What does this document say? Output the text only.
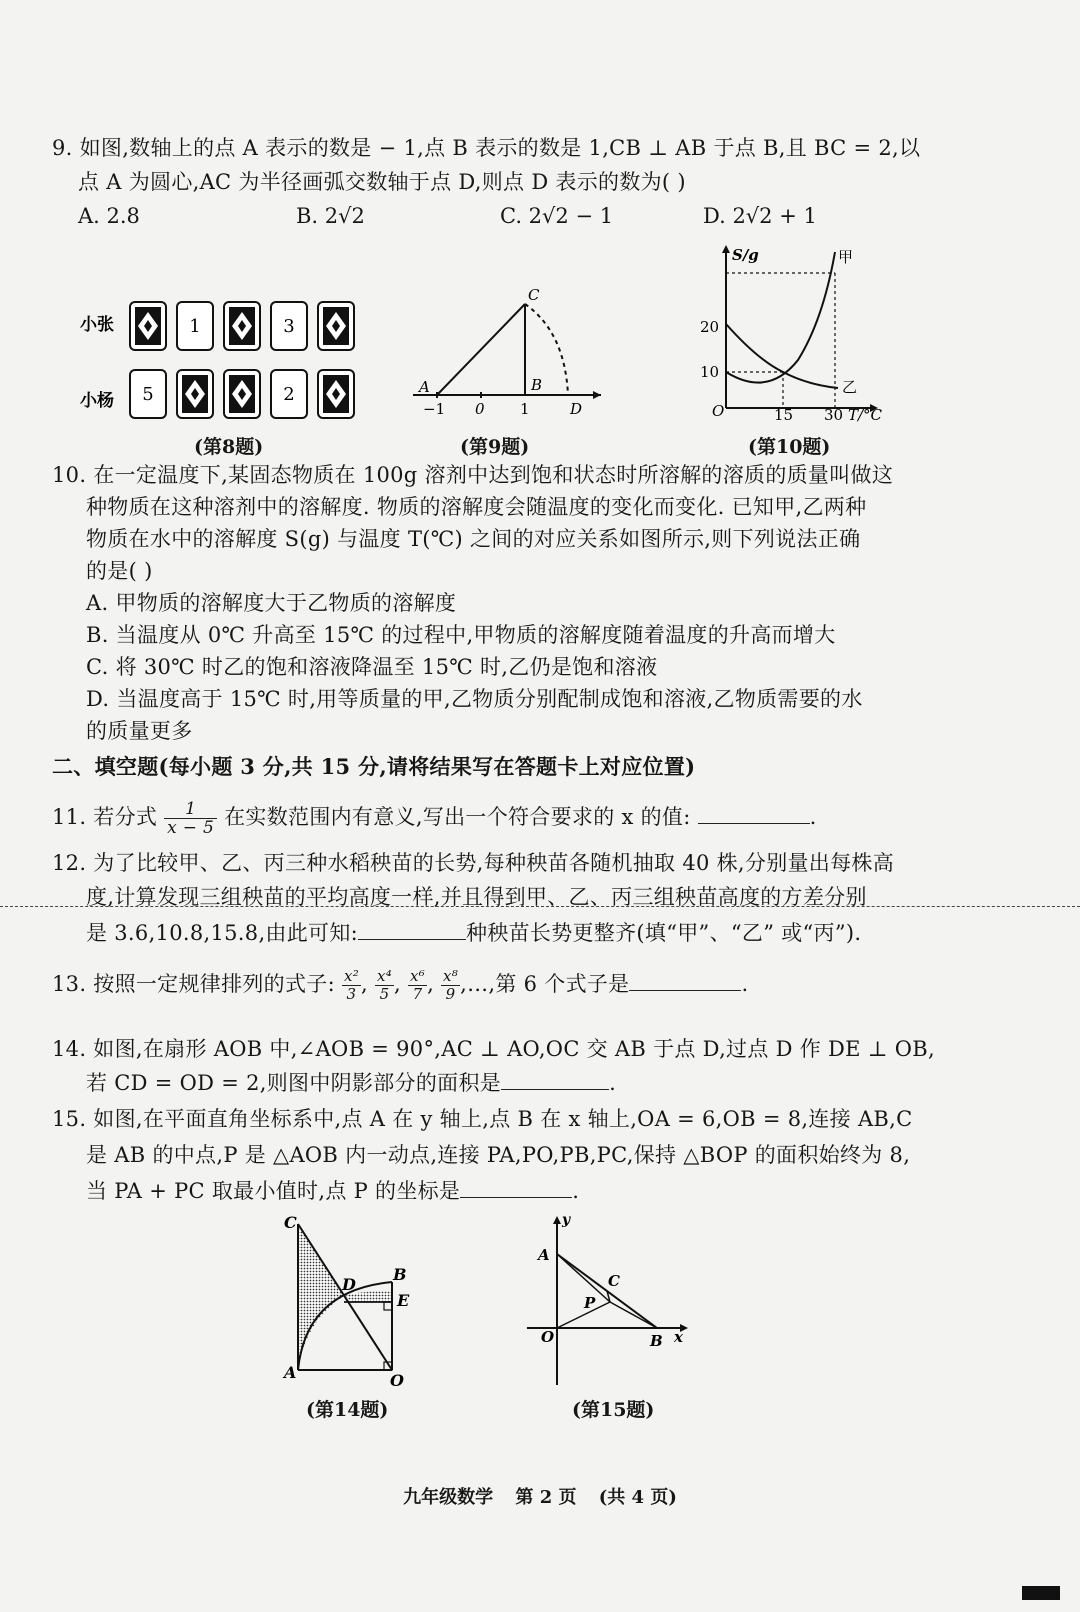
9. 如图,数轴上的点 A 表示的数是 − 1,点 B 表示的数是 1,CB ⊥ AB 于点 B,且 BC = 2,以
点 A 为圆心,AC 为半径画弧交数轴于点 D,则点 D 表示的数为( )
A. 2.8	B. 2√2	C. 2√2 − 1	D. 2√2 + 1
小张
小杨
1	3
5	2
(第8题)
A	B
C
D
−1 0 1
(第9题)
S/g	甲
乙
20
10
O	15 30 T/°C
(第10题)
10. 在一定温度下,某固态物质在 100g 溶剂中达到饱和状态时所溶解的溶质的质量叫做这
种物质在这种溶剂中的溶解度. 物质的溶解度会随温度的变化而变化. 已知甲,乙两种
物质在水中的溶解度 S(g) 与温度 T(℃) 之间的对应关系如图所示,则下列说法正确
的是( )
A. 甲物质的溶解度大于乙物质的溶解度
B. 当温度从 0℃ 升高至 15℃ 的过程中,甲物质的溶解度随着温度的升高而增大
C. 将 30℃ 时乙的饱和溶液降温至 15℃ 时,乙仍是饱和溶液
D. 当温度高于 15℃ 时,用等质量的甲,乙物质分别配制成饱和溶液,乙物质需要的水
的质量更多
二、填空题(每小题 3 分,共 15 分,请将结果写在答题卡上对应位置)
11. 若分式 $\frac{1}{x - 5}$ 在实数范围内有意义,写出一个符合要求的 x 的值:	.
12. 为了比较甲、乙、丙三种水稻秧苗的长势,每种秧苗各随机抽取 40 株,分别量出每株高
度,计算发现三组秧苗的平均高度一样,并且得到甲、乙、丙三组秧苗高度的方差分别
是 3.6,10.8,15.8,由此可知:	种秧苗长势更整齐(填“甲”、“乙” 或“丙”).
13. 按照一定规律排列的式子: $\frac{\text{x²}}{3}$ , $\frac{\text{x⁴}}{5}$ , $\frac{\text{x⁶}}{7}$ , $\frac{\text{x⁸}}{9}$ ,…,第 6 个式子是	.
14. 如图,在扇形 AOB 中,∠AOB = 90°,AC ⊥ AO,OC 交 AB 于点 D,过点 D 作 DE ⊥ OB,
若 CD = OD = 2,则图中阴影部分的面积是	.
15. 如图,在平面直角坐标系中,点 A 在 y 轴上,点 B 在 x 轴上,OA = 6,OB = 8,连接 AB,C
是 AB 的中点,P 是 △AOB 内一动点,连接 PA,PO,PB,PC,保持 △BOP 的面积始终为 8,
当 PA + PC 取最小值时,点 P 的坐标是	.
C
D
B
E
A	O
(第14题)
y
A
C
P
O	B x
(第15题)
九年级数学 第 2 页 (共 4 页)
